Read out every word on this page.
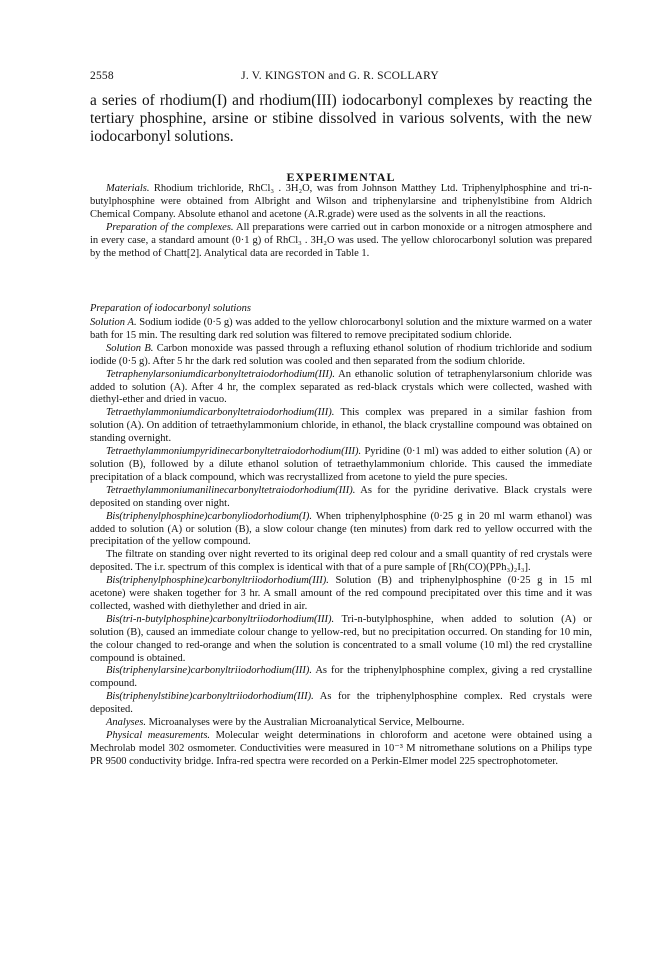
2558	J. V. KINGSTON and G. R. SCOLLARY

a series of rhodium(I) and rhodium(III) iodocarbonyl complexes by reacting the tertiary phosphine, arsine or stibine dissolved in various solvents, with the new iodocarbonyl solutions.

EXPERIMENTAL

Materials. Rhodium trichloride, RhCl₃ . 3H₂O, was from Johnson Matthey Ltd. Triphenylphosphine and tri-n-butylphosphine were obtained from Albright and Wilson and triphenylarsine and triphenylstibine from Aldrich Chemical Company. Absolute ethanol and acetone (A.R.grade) were used as the solvents in all the reactions.

Preparation of the complexes. All preparations were carried out in carbon monoxide or a nitrogen atmosphere and in every case, a standard amount (0·1 g) of RhCl₃ . 3H₂O was used. The yellow chlorocarbonyl solution was prepared by the method of Chatt[2]. Analytical data are recorded in Table 1.

Preparation of iodocarbonyl solutions

Solution A. Sodium iodide (0·5 g) was added to the yellow chlorocarbonyl solution and the mixture warmed on a water bath for 15 min. The resulting dark red solution was filtered to remove precipitated sodium chloride.

Solution B. Carbon monoxide was passed through a refluxing ethanol solution of rhodium trichloride and sodium iodide (0·5 g). After 5 hr the dark red solution was cooled and then separated from the sodium chloride.

Tetraphenylarsoniumdicarbonyltetraiodorhodium(III). An ethanolic solution of tetraphenylarsonium chloride was added to solution (A). After 4 hr, the complex separated as red-black crystals which were collected, washed with diethyl-ether and dried in vacuo.

Tetraethylammoniumdicarbonyltetraiodorhodium(III). This complex was prepared in a similar fashion from solution (A). On addition of tetraethylammonium chloride, in ethanol, the black crystalline compound was obtained on standing overnight.

Tetraethylammoniumpyridinecarbonyltetraiodorhodium(III). Pyridine (0·1 ml) was added to either solution (A) or solution (B), followed by a dilute ethanol solution of tetraethylammonium chloride. This caused the immediate precipitation of a black compound, which was recrystallized from acetone to yield the pure species.

Tetraethylammoniumanilinecarbonyltetraiodorhodium(III). As for the pyridine derivative. Black crystals were deposited on standing over night.

Bis(triphenylphosphine)carbonyliodorhodium(I). When triphenylphosphine (0·25 g in 20 ml warm ethanol) was added to solution (A) or solution (B), a slow colour change (ten minutes) from dark red to yellow occurred with the precipitation of the yellow compound.

The filtrate on standing over night reverted to its original deep red colour and a small quantity of red crystals were deposited. The i.r. spectrum of this complex is identical with that of a pure sample of [Rh(CO)(PPh₃)₂I₃].

Bis(triphenylphosphine)carbonyltriiodorhodium(III). Solution (B) and triphenylphosphine (0·25 g in 15 ml acetone) were shaken together for 3 hr. A small amount of the red compound precipitated over this time and it was collected, washed with diethylether and dried in air.

Bis(tri-n-butylphosphine)carbonyltriiodorhodium(III). Tri-n-butylphosphine, when added to solution (A) or solution (B), caused an immediate colour change to yellow-red, but no precipitation occurred. On standing for 10 min, the colour changed to red-orange and when the solution is concentrated to a small volume (10 ml) the red crystalline compound is obtained.

Bis(triphenylarsine)carbonyltriiodorhodium(III). As for the triphenylphosphine complex, giving a red crystalline compound.

Bis(triphenylstibine)carbonyltriiodorhodium(III). As for the triphenylphosphine complex. Red crystals were deposited.

Analyses. Microanalyses were by the Australian Microanalytical Service, Melbourne.

Physical measurements. Molecular weight determinations in chloroform and acetone were obtained using a Mechrolab model 302 osmometer. Conductivities were measured in 10⁻³ M nitromethane solutions on a Philips type PR 9500 conductivity bridge. Infra-red spectra were recorded on a Perkin-Elmer model 225 spectrophotometer.
